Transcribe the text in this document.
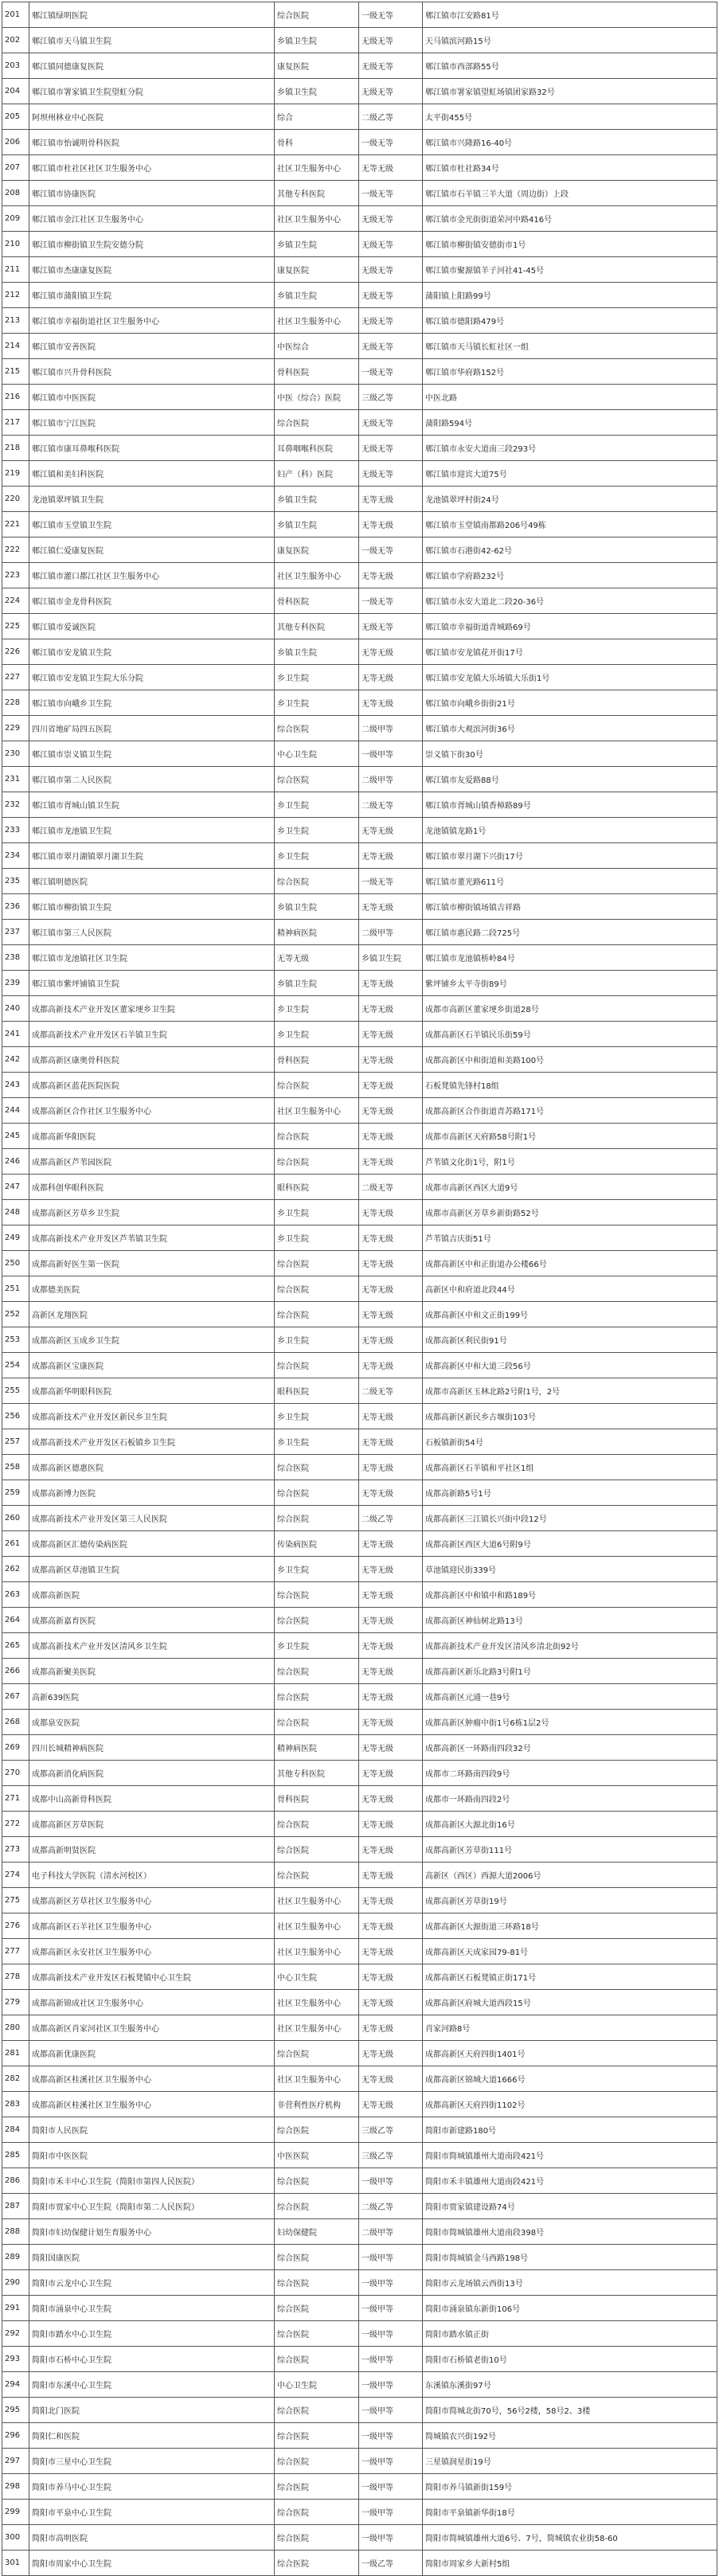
201	郫江镇绿明医院	综合医院	一级无等	郫江镇市江安路81号
202	郫江镇市天马镇卫生院	乡镇卫生院	无级无等	天马镇滨河路15号
203	郫江镇同德康复医院	康复医院	无级无等	郫江镇市西部路55号
204	郫江镇市署家镇卫生院望虹分院	乡镇卫生院	无级无等	郫江镇市署家镇望虹场镇团家路32号
205	阿坝州林业中心医院	综合	二级乙等	太平街455号
206	郫江镇市怡诚明骨科医院	骨科	一级无等	郫江镇市兴隆路16-40号
207	郫江镇市杜社区社区卫生服务中心	社区卫生服务中心	无等无级	郫江镇市杜社路34号
208	郫江镇市协康医院	其他专科医院	一级无等	郫江镇市石羊镇三羊大道（周边街）上段
209	郫江镇市金江社区卫生服务中心	社区卫生服务中心	无级无等	郫江镇市金光街街道荣河中路416号
210	郫江镇市柳街镇卫生院安德分院	乡镇卫生院	无级无等	郫江镇市柳街镇安德街市1号
211	郫江镇市杰康康复医院	康复医院	无级无等	郫江镇市聚源镇羊子河社41-45号
212	郫江镇市蒲阳镇卫生院	乡镇卫生院	无级无等	蒲阳镇上阳路99号
213	郫江镇市幸福街道社区卫生服务中心	社区卫生服务中心	无级无等	郫江镇市德阳路479号
214	郫江镇市安善医院	中医综合	无级无等	郫江镇市天马镇长虹社区一组
215	郫江镇市兴升骨科医院	骨科医院	一级无等	郫江镇市华府路152号
216	郫江镇市中医医院	中医（综合）医院	三级乙等	中医北路
217	郫江镇市宁江医院	综合医院	无级无等	蒲阳路594号
218	郫江镇市康耳鼻喉科医院	耳鼻咽喉科医院	无级无等	郫江镇市永安大道南三段293号
219	郫江镇和美妇科医院	妇产（科）医院	无级无等	郫江镇市迎宾大道75号
220	龙池镇翠坪镇卫生院	乡镇卫生院	无等无级	龙池镇翠坪村街24号
221	郫江镇市玉堂镇卫生院	乡镇卫生院	无等无级	郫江镇市玉堂镇南都路206号49栋
222	郫江镇仁爱康复医院	康复医院	一级无等	郫江镇市石港街42-62号
223	郫江镇市灌口都江社区卫生服务中心	社区卫生服务中心	无等无级	郫江镇市学府路232号
224	郫江镇市金龙骨科医院	骨科医院	一级无等	郫江镇市永安大道北二段20-36号
225	郫江镇市爱诚医院	其他专科医院	无级无等	郫江镇市幸福街道青城路69号
226	郫江镇市安龙镇卫生院	乡镇卫生院	无等无级	郫江镇市安龙镇花开街17号
227	郫江镇市安龙镇卫生院大乐分院	乡卫生院	无等无级	郫江镇市安龙镇大乐场镇大乐街1号
228	郫江镇市向峨乡卫生院	乡卫生院	无等无级	郫江镇市向峨乡街街21号
229	四川省地矿局四五医院	综合医院	二级甲等	郫江镇市大观滨河街36号
230	郫江镇市崇义镇卫生院	中心卫生院	一级甲等	崇义镇下街30号
231	郫江镇市第二人民医院	综合医院	二级甲等	郫江镇市友爱路88号
232	郫江镇市胥城山镇卫生院	乡卫生院	二级无等	郫江镇市胥城山镇香樟路89号
233	郫江镇市龙池镇卫生院	乡卫生院	无等无级	龙池镇镇龙路1号
234	郫江镇市翠月湖镇翠月湖卫生院	乡卫生院	无等无级	郫江镇市翠月湖下兴街17号
235	郫江镇明德医院	综合医院	一级无等	郫江镇市董光路611号
236	郫江镇市柳街镇卫生院	乡镇卫生院	无等无级	郫江镇市柳街镇场镇吉祥路
237	郫江镇市第三人民医院	精神病医院	二级甲等	郫江镇市惠民路二段725号
238	郫江镇市龙池镇社区卫生院	无等无级	乡镇卫生院	郫江镇市龙池镇桥岭84号
239	郫江镇市紫坪铺镇卫生院	乡镇卫生院	无等无级	紫坪铺乡太平寺街89号
240	成都高新技术产业开发区董家埂乡卫生院	乡卫生院	无等无级	成都市高新区董家埂乡街道28号
241	成都高新技术产业开发区石羊镇卫生院	乡卫生院	无等无级	成都高新区石羊镇民乐街59号
242	成都高新区康奥骨科医院	骨科医院	无等无级	成都高新区中和街道和美路100号
243	成都高新区蓝花医院医院	综合医院	无等无级	石板凳镇先锋村18组
244	成都高新区合作社区卫生服务中心	社区卫生服务中心	无等无级	成都高新区合作街道青苏路171号
245	成都高新华阳医院	综合医院	无等无级	成都市高新区天府路58号附1号
246	成都高新区芦苇园医院	综合医院	无等无级	芦苇镇文化街1号，附1号
247	成都科创华眼科医院	眼科医院	二级无等	成都市高新区西区大道9号
248	成都高新区芳草乡卫生院	乡卫生院	无等无级	成都市高新区芳草乡新街路52号
249	成都高新技术产业开发区芦苇镇卫生院	乡卫生院	无等无级	芦苇镇吉庆街51号
250	成都高新好医生第一医院	综合医院	无等无级	成都高新区中和正街道办公楼66号
251	成都德美医院	综合医院	无等无级	高新区中和府道北段44号
252	高新区龙翔医院	综合医院	无等无级	成都高新区中和文正街199号
253	成都高新区玉成乡卫生院	乡卫生院	无等无级	成都高新区利民街91号
254	成都高新区宝康医院	综合医院	无等无级	成都高新区中和大道三段56号
255	成都高新华明眼科医院	眼科医院	二级无等	成都市高新区玉林北路2号附1号，2号
256	成都高新技术产业开发区新民乡卫生院	乡卫生院	无等无级	成都高新区新民乡古堰街103号
257	成都高新技术产业开发区石板镇乡卫生院	乡卫生院	无等无级	石板镇新街54号
258	成都高新区德惠医院	综合医院	无等无级	成都高新区石羊镇和平社区1组
259	成都高新博力医院	综合医院	无等无级	成都高新路5号1号
260	成都高新技术产业开发区第三人民医院	综合医院	二级乙等	成都高新区三江镇长兴街中段12号
261	成都高新区汇德传染病医院	传染病医院	无等无级	成都高新区西区大道6号附9号
262	成都高新区草池镇卫生院	乡卫生院	无等无级	草池镇迎民街339号
263	成都高新医院	综合医院	无等无级	成都高新区中和镇中和路189号
264	成都高新嘉育医院	综合医院	无等无级	成都高新区神仙树北路13号
265	成都高新技术产业开发区清风乡卫生院	乡卫生院	无等无级	成都高新技术产业开发区清风乡清北街92号
266	成都高新聚美医院	综合医院	无等无级	成都高新区新乐北路3号附1号
267	高新639医院	综合医院	无等无级	成都高新区元通一巷9号
268	成都泉安医院	综合医院	无等无级	成都高新区肿瘤中街1号6栋1层2号
269	四川长城精神病医院	精神病医院	无等无级	成都高新区一环路南四段32号
270	成都高新消化病医院	其他专科医院	无等无级	成都市二环路南四段9号
271	成都中山高新骨科医院	骨科医院	无等无级	成都市一环路南四段2号
272	成都高新区芳草医院	综合医院	无等无级	成都高新区大源北街16号
273	成都高新明贤医院	综合医院	无等无级	成都高新区芳草街111号
274	电子科技大学医院（清水河校区）	综合医院	无等无级	高新区（西区）西源大道2006号
275	成都高新区芳草社区卫生服务中心	社区卫生服务中心	无等无级	成都高新区芳草街19号
276	成都高新区石羊社区卫生服务中心	社区卫生服务中心	无等无级	成都高新区大源街道三环路18号
277	成都高新区永安社区卫生服务中心	社区卫生服务中心	无等无级	成都高新区天成家园79-81号
278	成都高新技术产业开发区石板凳镇中心卫生院	中心卫生院	无等无级	成都高新区石板凳镇正街171号
279	成都高新锦成社区卫生服务中心	社区卫生服务中心	无等无级	成都高新区府城大道西段15号
280	成都高新区肖家河社区卫生服务中心	社区卫生服务中心	无等无级	肖家河路8号
281	成都高新优康医院	综合医院	无等无级	成都高新区天府四街1401号
282	成都高新区桂溪社区卫生服务中心	社区卫生服务中心	无等无级	成都高新区锦城大道1666号
283	成都高新区桂溪社区卫生服务中心	非营利性医疗机构	无等无级	成都高新区天府四街1102号
284	简阳市人民医院	综合医院	三级乙等	简阳市新建路180号
285	简阳市中医医院	中医医院	三级乙等	简阳市简城镇雄州大道南段421号
286	简阳市禾丰中心卫生院（简阳市第四人民医院）	综合医院	一级甲等	简阳市禾丰镇雄州大道南段421号
287	简阳市贾家中心卫生院（简阳市第二人民医院）	综合医院	二级乙等	简阳市贾家镇建设路74号
288	简阳市妇幼保健计划生育服务中心	妇幼保健院	二级甲等	简阳市简城镇雄州大道南段398号
289	简阳国康医院	综合医院	一级甲等	简阳市简城镇金马西路198号
290	简阳市云龙中心卫生院	综合医院	一级甲等	简阳市云龙场镇云西街13号
291	简阳市涌泉中心卫生院	综合医院	一级甲等	简阳市涌泉镇东新街106号
292	简阳市踏水中心卫生院	综合医院	一级甲等	简阳市踏水镇正街
293	简阳市石桥中心卫生院	综合医院	一级甲等	简阳市石桥镇老街10号
294	简阳市东溪中心卫生院	中心卫生院	一级甲等	东溪镇东溪街97号
295	简阳北门医院	综合医院	一级甲等	简阳市简城北街70号，56号2楼，58号2、3楼
296	简阳仁和医院	综合医院	一级甲等	简城镇农兴街192号
297	简阳市三星中心卫生院	综合医院	一级甲等	三星镇润星街19号
298	简阳市养马中心卫生院	综合医院	一级甲等	简阳市养马镇新街159号
299	简阳市平泉中心卫生院	综合医院	一级甲等	简阳市平泉镇新华街18号
300	简阳市高明医院	综合医院	一级甲等	简阳市简城镇雄州大道6号、7号，简城镇农业街58-60
301	简阳市周家中心卫生院	综合医院	一级乙等	简阳市周家乡大新村5组
